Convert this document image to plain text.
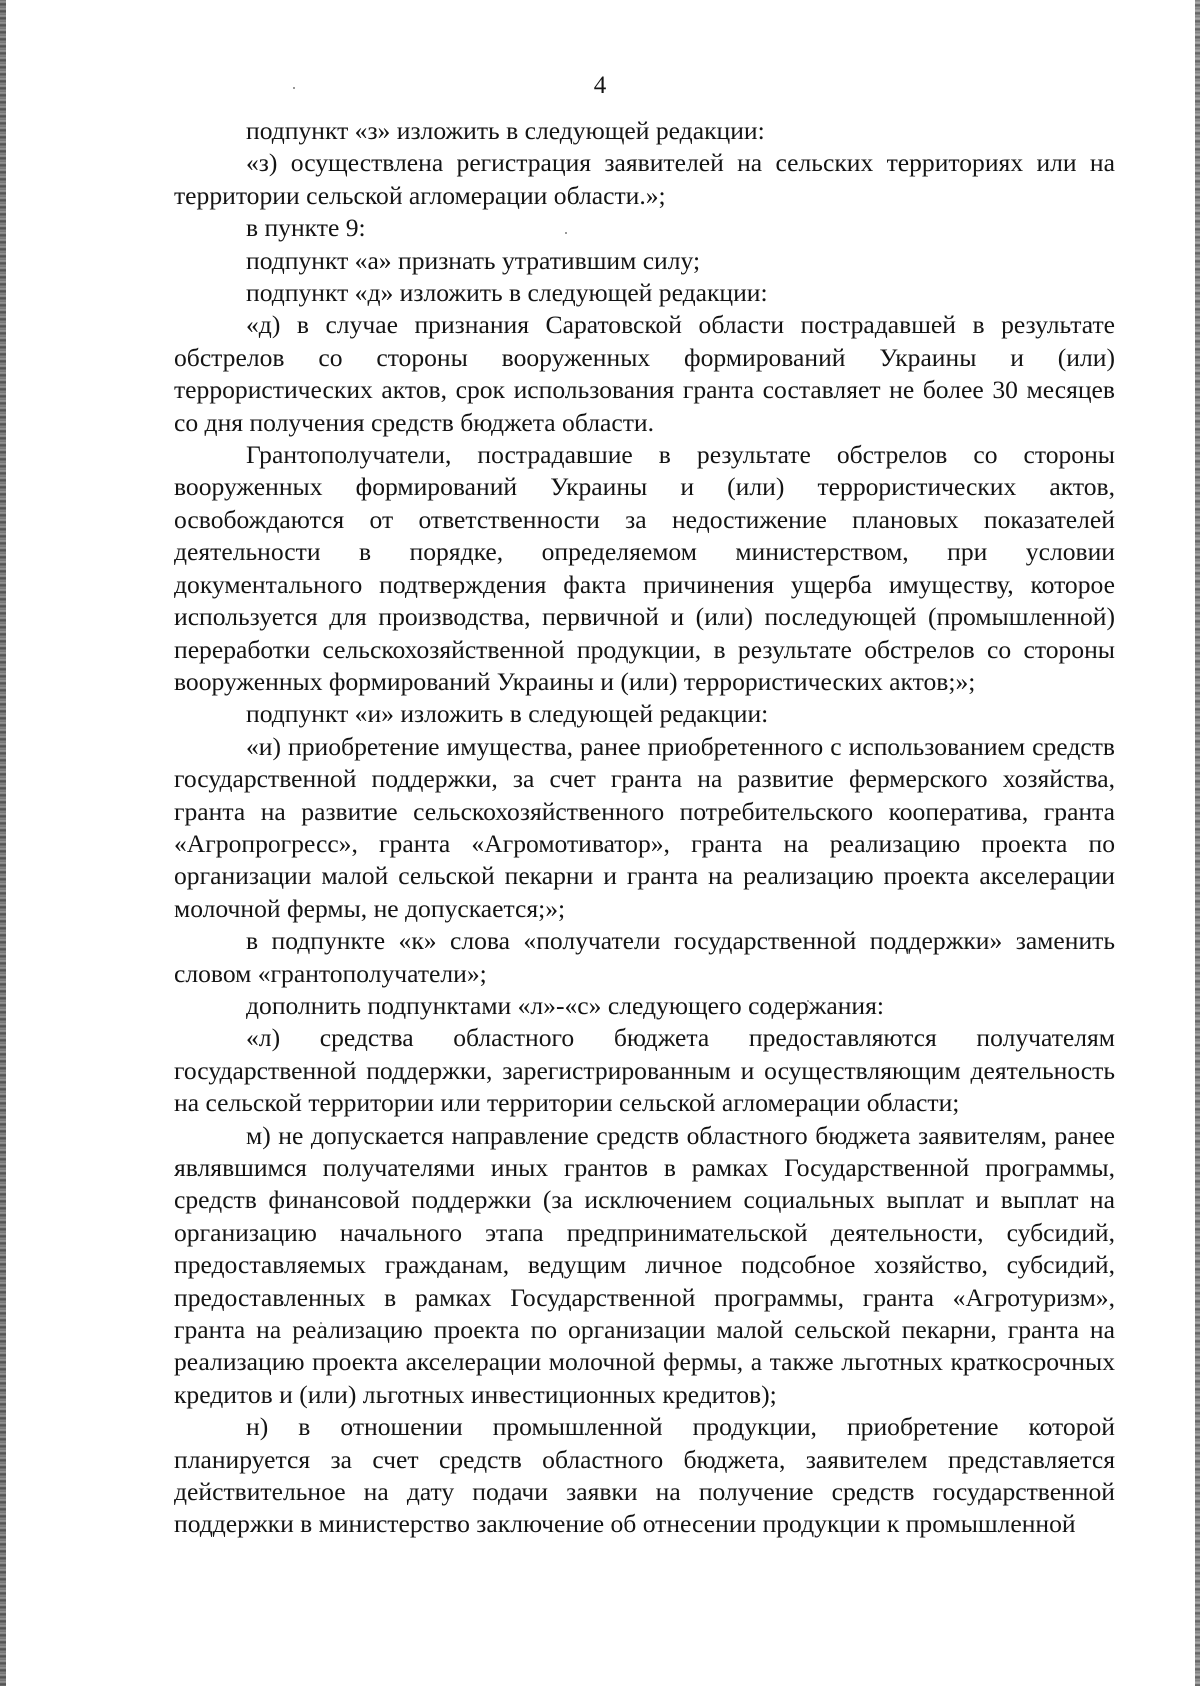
4

подпункт «з» изложить в следующей редакции:

«з) осуществлена регистрация заявителей на сельских территориях или на территории сельской агломерации области.»;

в пункте 9:

подпункт «а» признать утратившим силу;

подпункт «д» изложить в следующей редакции:

«д) в случае признания Саратовской области пострадавшей в результате обстрелов со стороны вооруженных формирований Украины и (или) террористических актов, срок использования гранта составляет не более 30 месяцев со дня получения средств бюджета области.

Грантополучатели, пострадавшие в результате обстрелов со стороны вооруженных формирований Украины и (или) террористических актов, освобождаются от ответственности за недостижение плановых показателей деятельности в порядке, определяемом министерством, при условии документального подтверждения факта причинения ущерба имуществу, которое используется для производства, первичной и (или) последующей (промышленной) переработки сельскохозяйственной продукции, в результате обстрелов со стороны вооруженных формирований Украины и (или) террористических актов;»;

подпункт «и» изложить в следующей редакции:

«и) приобретение имущества, ранее приобретенного с использованием средств государственной поддержки, за счет гранта на развитие фермерского хозяйства, гранта на развитие сельскохозяйственного потребительского кооператива, гранта «Агропрогресс», гранта «Агромотиватор», гранта на реализацию проекта по организации малой сельской пекарни и гранта на реализацию проекта акселерации молочной фермы, не допускается;»;

в подпункте «к» слова «получатели государственной поддержки» заменить словом «грантополучатели»;

дополнить подпунктами «л»-«с» следующего содержания:

«л) средства областного бюджета предоставляются получателям государственной поддержки, зарегистрированным и осуществляющим деятельность на сельской территории или территории сельской агломерации области;

м) не допускается направление средств областного бюджета заявителям, ранее являвшимся получателями иных грантов в рамках Государственной программы, средств финансовой поддержки (за исключением социальных выплат и выплат на организацию начального этапа предпринимательской деятельности, субсидий, предоставляемых гражданам, ведущим личное подсобное хозяйство, субсидий, предоставленных в рамках Государственной программы, гранта «Агротуризм», гранта на реализацию проекта по организации малой сельской пекарни, гранта на реализацию проекта акселерации молочной фермы, а также льготных краткосрочных кредитов и (или) льготных инвестиционных кредитов);

н) в отношении промышленной продукции, приобретение которой планируется за счет средств областного бюджета, заявителем представляется действительное на дату подачи заявки на получение средств государственной поддержки в министерство заключение об отнесении продукции к промышленной
